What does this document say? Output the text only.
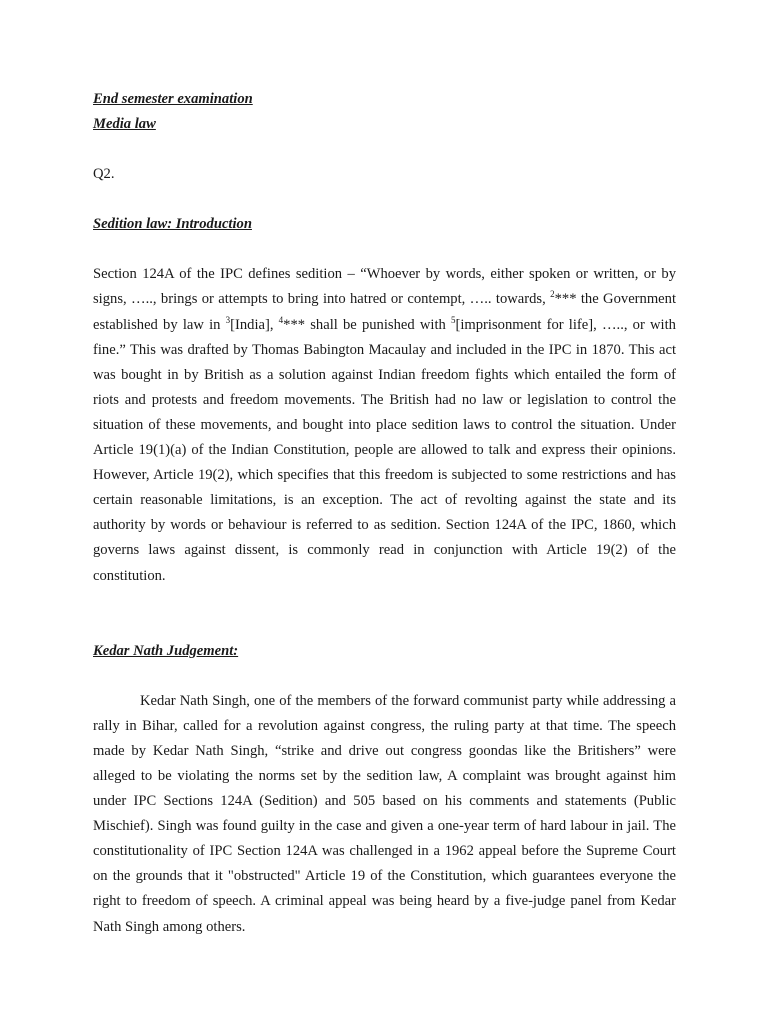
End semester examination

Media law

Q2.

Sedition law: Introduction

Section 124A of the IPC defines sedition – “Whoever by words, either spoken or written, or by signs, ….., brings or attempts to bring into hatred or contempt, ….. towards, $^2$*** the Government established by law in $^3$[India], $^4$*** shall be punished with $^5$[imprisonment for life], ….., or with fine.” This was drafted by Thomas Babington Macaulay and included in the IPC in 1870. This act was bought in by British as a solution against Indian freedom fights which entailed the form of riots and protests and freedom movements. The British had no law or legislation to control the situation of these movements, and bought into place sedition laws to control the situation. Under Article 19(1)(a) of the Indian Constitution, people are allowed to talk and express their opinions. However, Article 19(2), which specifies that this freedom is subjected to some restrictions and has certain reasonable limitations, is an exception. The act of revolting against the state and its authority by words or behaviour is referred to as sedition. Section 124A of the IPC, 1860, which governs laws against dissent, is commonly read in conjunction with Article 19(2) of the constitution.

Kedar Nath Judgement:

Kedar Nath Singh, one of the members of the forward communist party while addressing a rally in Bihar, called for a revolution against congress, the ruling party at that time. The speech made by Kedar Nath Singh, “strike and drive out congress goondas like the Britishers” were alleged to be violating the norms set by the sedition law, A complaint was brought against him under IPC Sections 124A (Sedition) and 505 based on his comments and statements (Public Mischief). Singh was found guilty in the case and given a one-year term of hard labour in jail. The constitutionality of IPC Section 124A was challenged in a 1962 appeal before the Supreme Court on the grounds that it "obstructed" Article 19 of the Constitution, which guarantees everyone the right to freedom of speech. A criminal appeal was being heard by a five-judge panel from Kedar Nath Singh among others.
